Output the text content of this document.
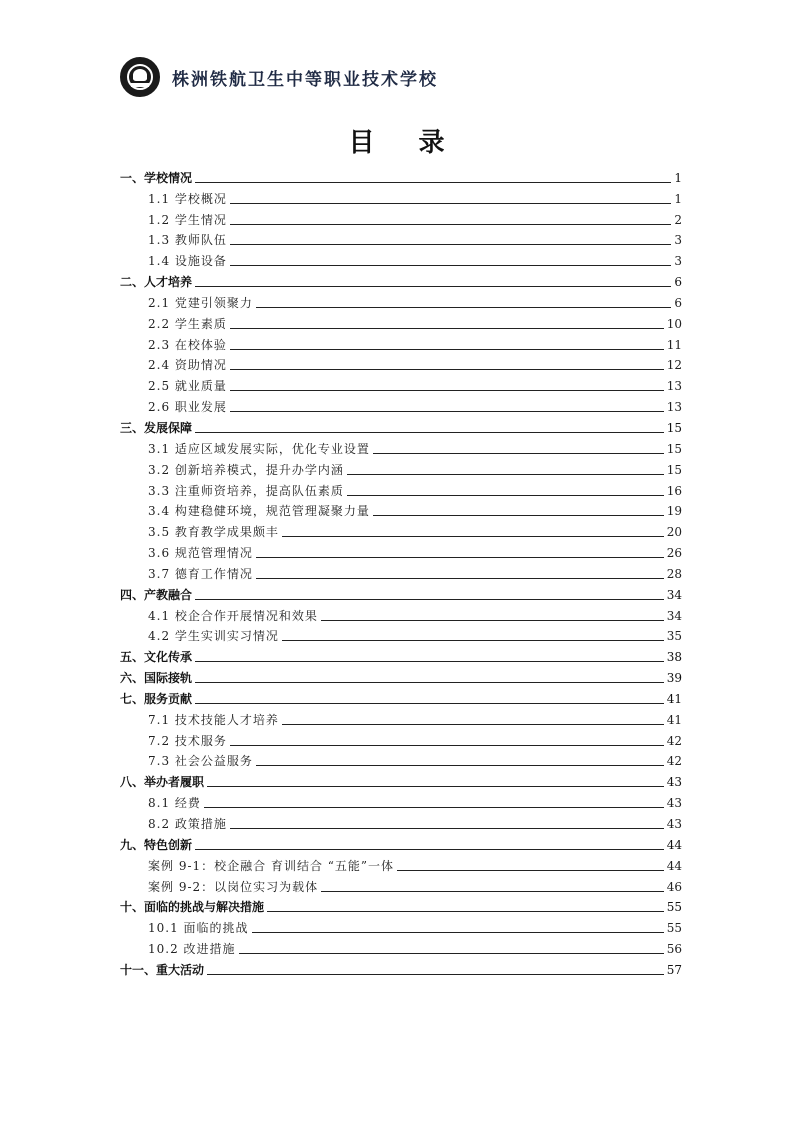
株洲铁航卫生中等职业技术学校
目录
一、学校情况	1
1.1 学校概况	1
1.2 学生情况	2
1.3 教师队伍	3
1.4 设施设备	3
二、人才培养	6
2.1 党建引领聚力	6
2.2 学生素质	10
2.3 在校体验	11
2.4 资助情况	12
2.5 就业质量	13
2.6 职业发展	13
三、发展保障	15
3.1 适应区域发展实际，优化专业设置	15
3.2 创新培养模式，提升办学内涵	15
3.3 注重师资培养，提高队伍素质	16
3.4 构建稳健环境，规范管理凝聚力量	19
3.5 教育教学成果颇丰	20
3.6 规范管理情况	26
3.7 德育工作情况	28
四、产教融合	34
4.1 校企合作开展情况和效果	34
4.2 学生实训实习情况	35
五、文化传承	38
六、国际接轨	39
七、服务贡献	41
7.1 技术技能人才培养	41
7.2 技术服务	42
7.3 社会公益服务	42
八、举办者履职	43
8.1 经费	43
8.2 政策措施	43
九、特色创新	44
案例 9-1：校企融合 育训结合 “五能”一体	44
案例 9-2：以岗位实习为载体	46
十、面临的挑战与解决措施	55
10.1 面临的挑战	55
10.2 改进措施	56
十一、重大活动	57
